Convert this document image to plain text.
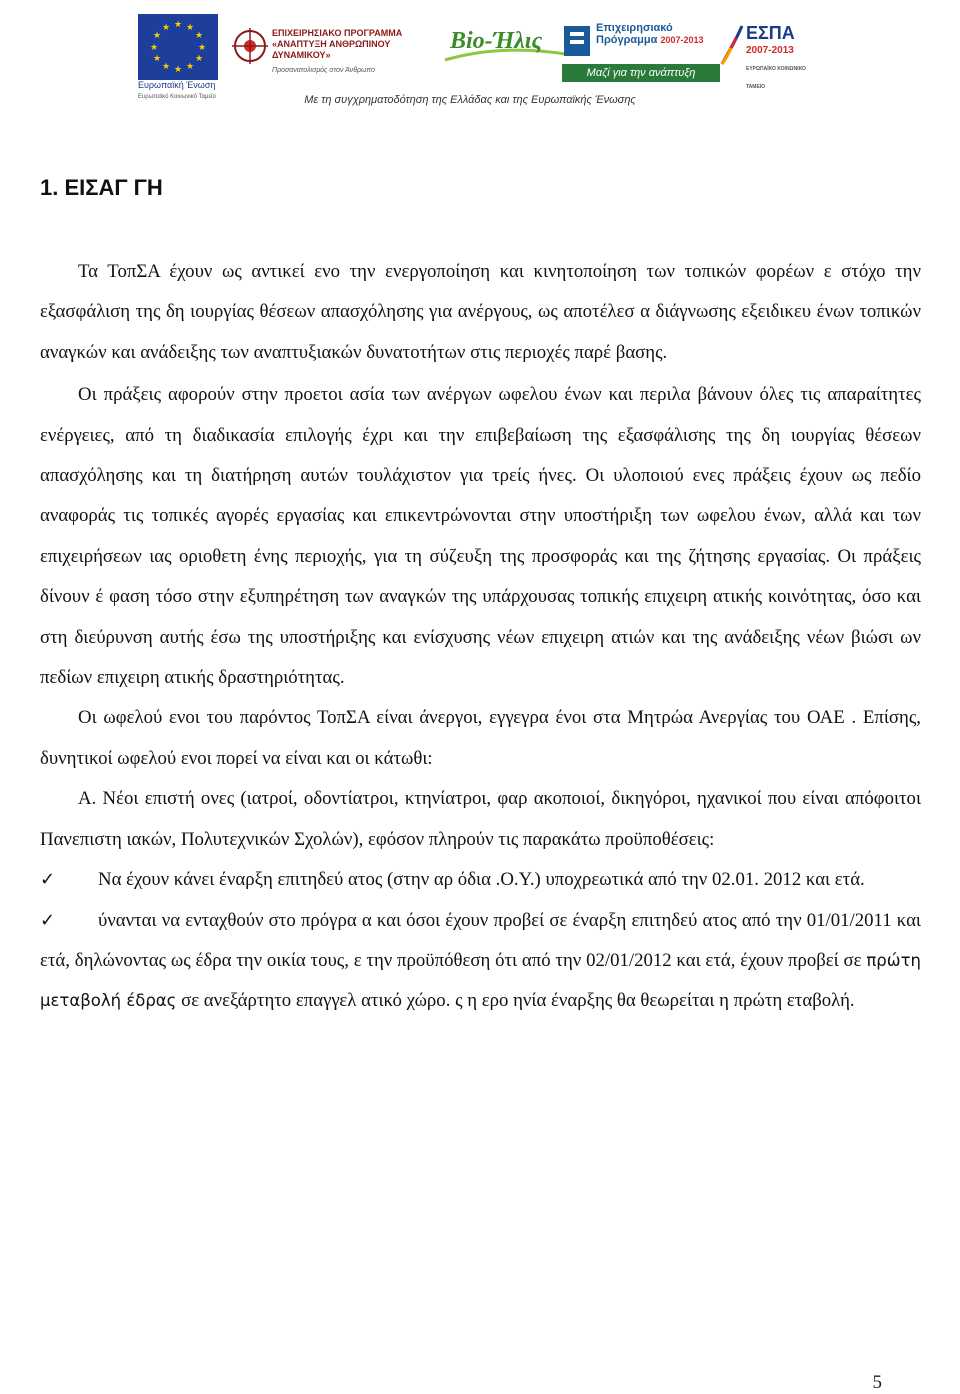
★ ★
★
★
★
★
★
★
★
★
★
★
Ευρωπαϊκή Ένωση
Ευρωπαϊκό Κοινωνικό Ταμείο
ΕΠΙΧΕΙΡΗΣΙΑΚΟ ΠΡΟΓΡΑΜΜΑ «ΑΝΑΠΤΥΞΗ ΑΝΘΡΩΠΙΝΟΥ ΔΥΝΑΜΙΚΟΥ»
Προσανατολισμός στον Άνθρωπο
Bio-Ήλις	Επιχειρησιακό Πρόγραμμα 2007-2013
Μαζί για την ανάπτυξη
ΕΣΠΑ
2007-2013
ΕΥΡΩΠΑΪΚΟ ΚΟΙΝΩΝΙΚΟ ΤΑΜΕΙΟ
Με τη συγχρηματοδότηση της Ελλάδας και της Ευρωπαϊκής Ένωσης
1. ΕΙΣΑΓ ΓΗ

Τα ΤοπΣΑ έχουν ως αντικεί ενο την ενεργοποίηση και κινητοποίηση των τοπικών φορέων ε στόχο την εξασφάλιση της δη ιουργίας θέσεων απασχόλησης για ανέργους, ως αποτέλεσ α διάγνωσης εξειδικευ ένων τοπικών αναγκών και ανάδειξης των αναπτυξιακών δυνατοτήτων στις περιοχές παρέ βασης.

Οι πράξεις αφορούν στην προετοι ασία των ανέργων ωφελου ένων και περιλα βάνουν όλες τις απαραίτητες ενέργειες, από τη διαδικασία επιλογής έχρι και την επιβεβαίωση της εξασφάλισης της δη ιουργίας θέσεων απασχόλησης και τη διατήρηση αυτών τουλάχιστον για τρείς ήνες. Οι υλοποιού ενες πράξεις έχουν ως πεδίο αναφοράς τις τοπικές αγορές εργασίας και επικεντρώνονται στην υποστήριξη των ωφελου ένων, αλλά και των επιχειρήσεων ιας οριοθετη ένης περιοχής, για τη σύζευξη της προσφοράς και της ζήτησης εργασίας. Οι πράξεις δίνουν έ φαση τόσο στην εξυπηρέτηση των αναγκών της υπάρχουσας τοπικής επιχειρη ατικής κοινότητας, όσο και στη διεύρυνση αυτής έσω της υποστήριξης και ενίσχυσης νέων επιχειρη ατιών και της ανάδειξης νέων βιώσι ων πεδίων επιχειρη ατικής δραστηριότητας.

Οι ωφελού ενοι του παρόντος ΤοπΣΑ είναι άνεργοι, εγγεγρα ένοι στα Μητρώα Ανεργίας του ΟΑΕ . Επίσης, δυνητικοί ωφελού ενοι πορεί να είναι και οι κάτωθι:

Α. Νέοι επιστή ονες (ιατροί, οδοντίατροι, κτηνίατροι, φαρ ακοποιοί, δικηγόροι, ηχανικοί που είναι απόφοιτοι Πανεπιστη ιακών, Πολυτεχνικών Σχολών), εφόσον πληρούν τις παρακάτω προϋποθέσεις:

✓ Να έχουν κάνει έναρξη επιτηδεύ ατος (στην αρ όδια .Ο.Υ.) υποχρεωτικά από την 02.01. 2012 και ετά.

✓ ύνανται να ενταχθούν στο πρόγρα α και όσοι έχουν προβεί σε έναρξη επιτηδεύ ατος από την 01/01/2011 και ετά, δηλώνοντας ως έδρα την οικία τους, ε την προϋπόθεση ότι από την 02/01/2012 και ετά, έχουν προβεί σε πρώτη μεταβολή έδρας σε ανεξάρτητο επαγγελ ατικό χώρο. ς η ερο ηνία έναρξης θα θεωρείται η πρώτη εταβολή.

5
